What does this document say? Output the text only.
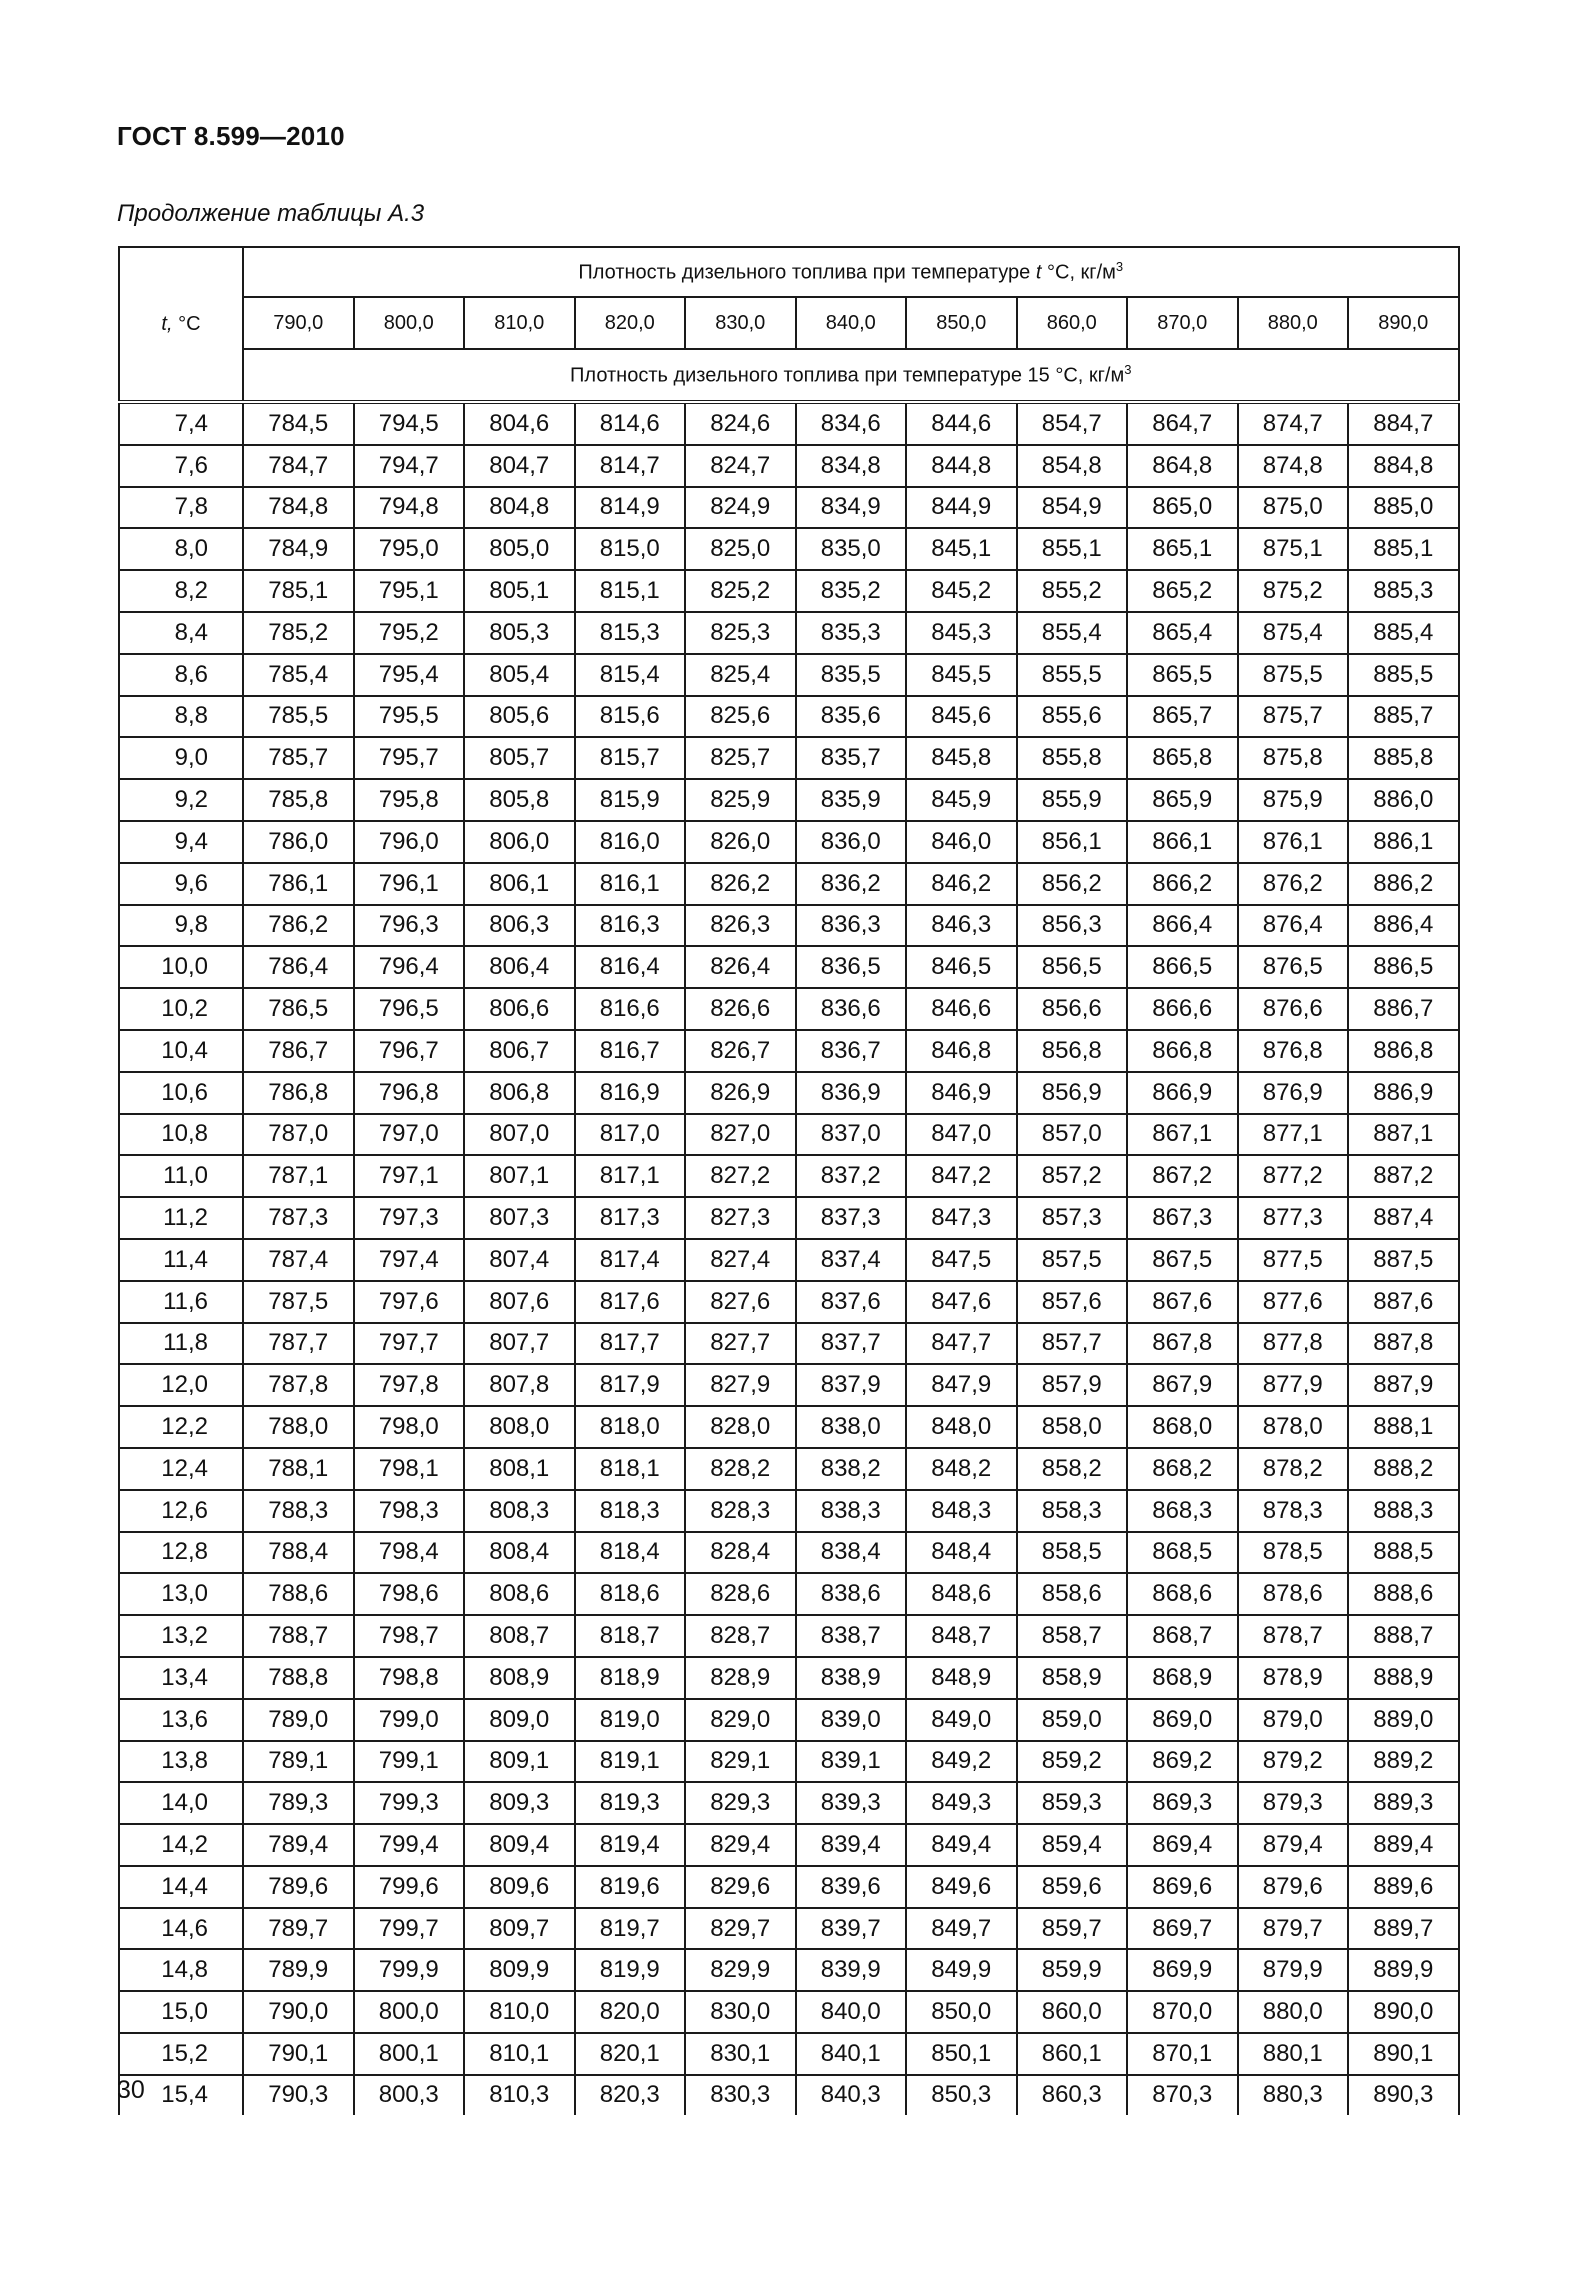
ГОСТ 8.599—2010
Продолжение таблицы А.3
t, °С	Плотность дизельного топлива при температуре t °С, $кг/м^3$
	790,0	800,0	810,0	820,0	830,0	840,0	850,0	860,0	870,0	880,0	890,0
	Плотность дизельного топлива при температуре 15 °С, $кг/м^3$
7,4	784,5	794,5	804,6	814,6	824,6	834,6	844,6	854,7	864,7	874,7	884,7
7,6	784,7	794,7	804,7	814,7	824,7	834,8	844,8	854,8	864,8	874,8	884,8
7,8	784,8	794,8	804,8	814,9	824,9	834,9	844,9	854,9	865,0	875,0	885,0
8,0	784,9	795,0	805,0	815,0	825,0	835,0	845,1	855,1	865,1	875,1	885,1
8,2	785,1	795,1	805,1	815,1	825,2	835,2	845,2	855,2	865,2	875,2	885,3
8,4	785,2	795,2	805,3	815,3	825,3	835,3	845,3	855,4	865,4	875,4	885,4
8,6	785,4	795,4	805,4	815,4	825,4	835,5	845,5	855,5	865,5	875,5	885,5
8,8	785,5	795,5	805,6	815,6	825,6	835,6	845,6	855,6	865,7	875,7	885,7
9,0	785,7	795,7	805,7	815,7	825,7	835,7	845,8	855,8	865,8	875,8	885,8
9,2	785,8	795,8	805,8	815,9	825,9	835,9	845,9	855,9	865,9	875,9	886,0
9,4	786,0	796,0	806,0	816,0	826,0	836,0	846,0	856,1	866,1	876,1	886,1
9,6	786,1	796,1	806,1	816,1	826,2	836,2	846,2	856,2	866,2	876,2	886,2
9,8	786,2	796,3	806,3	816,3	826,3	836,3	846,3	856,3	866,4	876,4	886,4
10,0	786,4	796,4	806,4	816,4	826,4	836,5	846,5	856,5	866,5	876,5	886,5
10,2	786,5	796,5	806,6	816,6	826,6	836,6	846,6	856,6	866,6	876,6	886,7
10,4	786,7	796,7	806,7	816,7	826,7	836,7	846,8	856,8	866,8	876,8	886,8
10,6	786,8	796,8	806,8	816,9	826,9	836,9	846,9	856,9	866,9	876,9	886,9
10,8	787,0	797,0	807,0	817,0	827,0	837,0	847,0	857,0	867,1	877,1	887,1
11,0	787,1	797,1	807,1	817,1	827,2	837,2	847,2	857,2	867,2	877,2	887,2
11,2	787,3	797,3	807,3	817,3	827,3	837,3	847,3	857,3	867,3	877,3	887,4
11,4	787,4	797,4	807,4	817,4	827,4	837,4	847,5	857,5	867,5	877,5	887,5
11,6	787,5	797,6	807,6	817,6	827,6	837,6	847,6	857,6	867,6	877,6	887,6
11,8	787,7	797,7	807,7	817,7	827,7	837,7	847,7	857,7	867,8	877,8	887,8
12,0	787,8	797,8	807,8	817,9	827,9	837,9	847,9	857,9	867,9	877,9	887,9
12,2	788,0	798,0	808,0	818,0	828,0	838,0	848,0	858,0	868,0	878,0	888,1
12,4	788,1	798,1	808,1	818,1	828,2	838,2	848,2	858,2	868,2	878,2	888,2
12,6	788,3	798,3	808,3	818,3	828,3	838,3	848,3	858,3	868,3	878,3	888,3
12,8	788,4	798,4	808,4	818,4	828,4	838,4	848,4	858,5	868,5	878,5	888,5
13,0	788,6	798,6	808,6	818,6	828,6	838,6	848,6	858,6	868,6	878,6	888,6
13,2	788,7	798,7	808,7	818,7	828,7	838,7	848,7	858,7	868,7	878,7	888,7
13,4	788,8	798,8	808,9	818,9	828,9	838,9	848,9	858,9	868,9	878,9	888,9
13,6	789,0	799,0	809,0	819,0	829,0	839,0	849,0	859,0	869,0	879,0	889,0
13,8	789,1	799,1	809,1	819,1	829,1	839,1	849,2	859,2	869,2	879,2	889,2
14,0	789,3	799,3	809,3	819,3	829,3	839,3	849,3	859,3	869,3	879,3	889,3
14,2	789,4	799,4	809,4	819,4	829,4	839,4	849,4	859,4	869,4	879,4	889,4
14,4	789,6	799,6	809,6	819,6	829,6	839,6	849,6	859,6	869,6	879,6	889,6
14,6	789,7	799,7	809,7	819,7	829,7	839,7	849,7	859,7	869,7	879,7	889,7
14,8	789,9	799,9	809,9	819,9	829,9	839,9	849,9	859,9	869,9	879,9	889,9
15,0	790,0	800,0	810,0	820,0	830,0	840,0	850,0	860,0	870,0	880,0	890,0
15,2	790,1	800,1	810,1	820,1	830,1	840,1	850,1	860,1	870,1	880,1	890,1
15,4	790,3	800,3	810,3	820,3	830,3	840,3	850,3	860,3	870,3	880,3	890,3
30
